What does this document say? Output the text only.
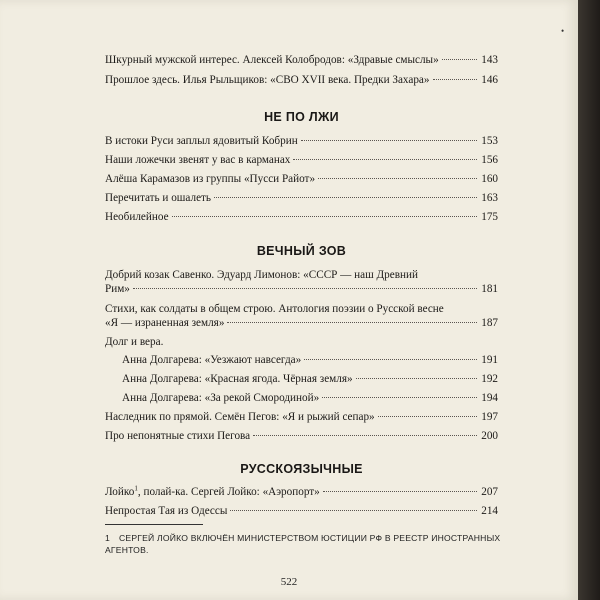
•
Шкурный мужской интерес. Алексей Колобродов: «Здравые смыслы»	143
Прошлое здесь. Илья Рыльщиков: «СВО XVII века. Предки Захара»	146
НЕ ПО ЛЖИ
В истоки Руси заплыл ядовитый Кобрин	153
Наши ложечки звенят у вас в карманах	156
Алёша Карамазов из группы «Пусси Райот»	160
Перечитать и ошалеть	163
Необилейное	175
ВЕЧНЫЙ ЗОВ
Добрий козак Савенко. Эдуард Лимонов: «СССР — наш Древний
Рим»	181
Стихи, как солдаты в общем строю. Антология поэзии о Русской весне
«Я — израненная земля»	187
Долг и вера.
Анна Долгарева: «Уезжают навсегда»	191
Анна Долгарева: «Красная ягода. Чёрная земля»	192
Анна Долгарева: «За рекой Смородиной»	194
Наследник по прямой. Семён Пегов: «Я и рыжий сепар»	197
Про непонятные стихи Пегова	200
РУССКОЯЗЫЧНЫЕ
Лойко$^1$, полай-ка. Сергей Лойко: «Аэропорт»	207
Непростая Тая из Одессы	214
1 СЕРГЕЙ ЛОЙКО ВКЛЮЧЁН МИНИСТЕРСТВОМ ЮСТИЦИИ РФ В РЕЕСТР ИНОСТРАННЫХ АГЕНТОВ.
522
